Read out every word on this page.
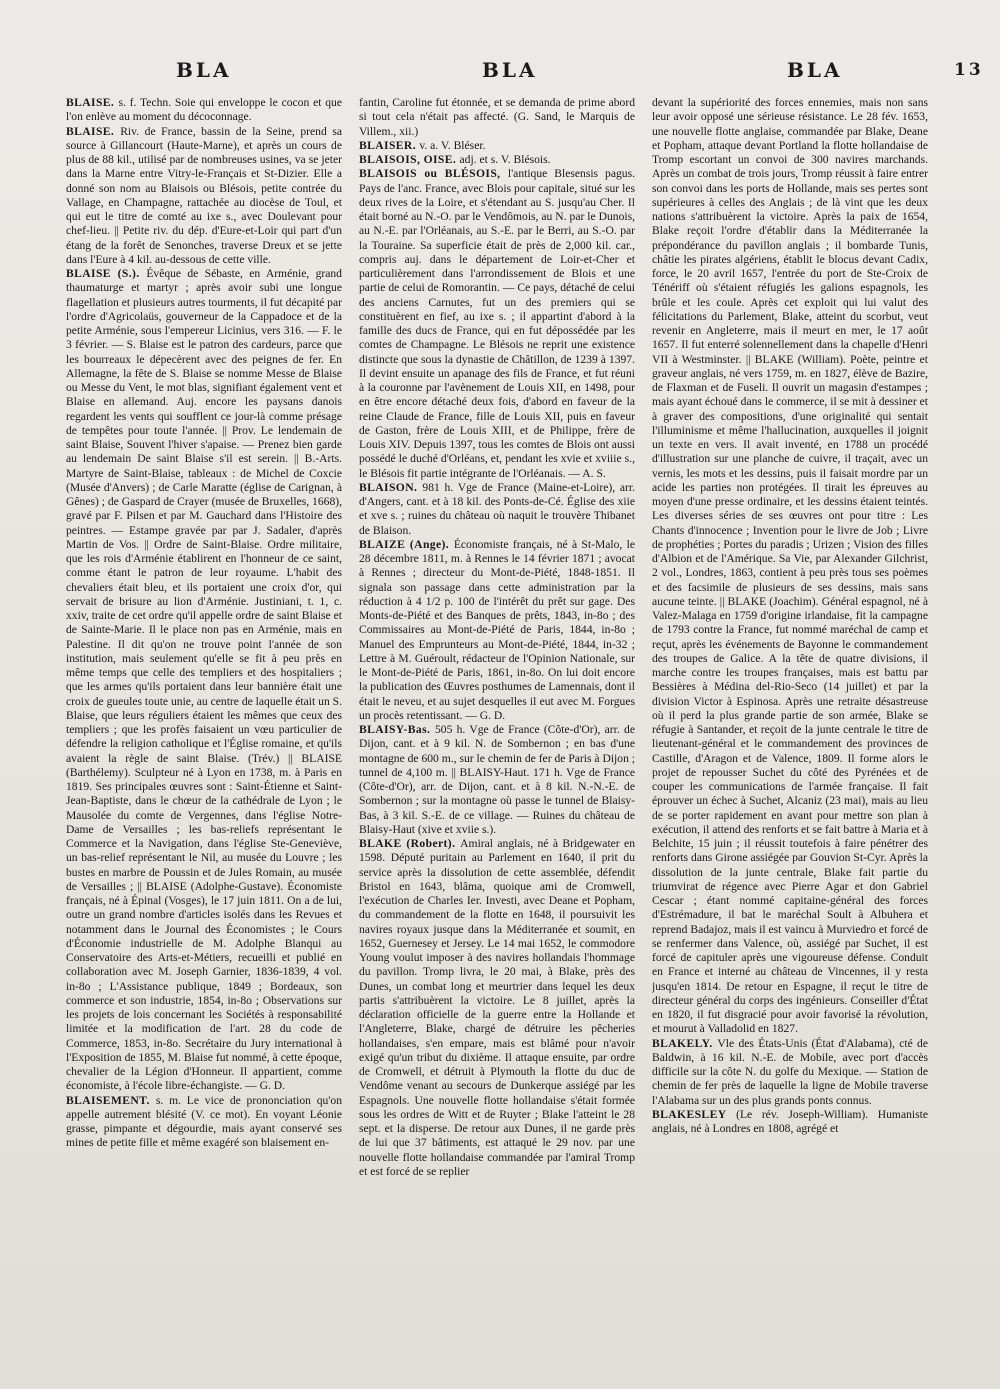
BLA	BLA	BLA	13

BLAISE. s. f. Techn. Soie qui enveloppe le cocon et que l'on enlève au moment du décoconnage.

BLAISE. Riv. de France, bassin de la Seine, prend sa source à Gillancourt (Haute-Marne), et après un cours de plus de 88 kil., utilisé par de nombreuses usines, va se jeter dans la Marne entre Vitry-le-Français et St-Dizier. Elle a donné son nom au Blaisois ou Blésois, petite contrée du Vallage, en Champagne, rattachée au diocèse de Toul, et qui eut le titre de comté au ixe s., avec Doulevant pour chef-lieu. || Petite riv. du dép. d'Eure-et-Loir qui part d'un étang de la forêt de Senonches, traverse Dreux et se jette dans l'Eure à 4 kil. au-dessous de cette ville.

BLAISE (S.). Évêque de Sébaste, en Arménie, grand thaumaturge et martyr ; après avoir subi une longue flagellation et plusieurs autres tourments, il fut décapité par l'ordre d'Agricolaüs, gouverneur de la Cappadoce et de la petite Arménie, sous l'empereur Licinius, vers 316. — F. le 3 février. — S. Blaise est le patron des cardeurs, parce que les bourreaux le dépecèrent avec des peignes de fer. En Allemagne, la fête de S. Blaise se nomme Messe de Blaise ou Messe du Vent, le mot blas, signifiant également vent et Blaise en allemand. Auj. encore les paysans danois regardent les vents qui soufflent ce jour-là comme présage de tempêtes pour toute l'année. || Prov. Le lendemain de saint Blaise, Souvent l'hiver s'apaise. — Prenez bien garde au lendemain De saint Blaise s'il est serein. || B.-Arts. Martyre de Saint-Blaise, tableaux : de Michel de Coxcie (Musée d'Anvers) ; de Carle Maratte (église de Carignan, à Gênes) ; de Gaspard de Crayer (musée de Bruxelles, 1668), gravé par F. Pilsen et par M. Gauchard dans l'Histoire des peintres. — Estampe gravée par par J. Sadaler, d'après Martin de Vos. || Ordre de Saint-Blaise. Ordre militaire, que les rois d'Arménie établirent en l'honneur de ce saint, comme étant le patron de leur royaume. L'habit des chevaliers était bleu, et ils portaient une croix d'or, qui servait de brisure au lion d'Arménie. Justiniani, t. 1, c. xxiv, traite de cet ordre qu'il appelle ordre de saint Blaise et de Sainte-Marie. Il le place non pas en Arménie, mais en Palestine. Il dit qu'on ne trouve point l'année de son institution, mais seulement qu'elle se fit à peu près en même temps que celle des templiers et des hospitaliers ; que les armes qu'ils portaient dans leur bannière était une croix de gueules toute unie, au centre de laquelle était un S. Blaise, que leurs réguliers étaient les mêmes que ceux des templiers ; que les profès faisaient un vœu particulier de défendre la religion catholique et l'Église romaine, et qu'ils avaient la règle de saint Blaise. (Trév.) || BLAISE (Barthélemy). Sculpteur né à Lyon en 1738, m. à Paris en 1819. Ses principales œuvres sont : Saint-Étienne et Saint-Jean-Baptiste, dans le chœur de la cathédrale de Lyon ; le Mausolée du comte de Vergennes, dans l'église Notre-Dame de Versailles ; les bas-reliefs représentant le Commerce et la Navigation, dans l'église Ste-Geneviève, un bas-relief représentant le Nil, au musée du Louvre ; les bustes en marbre de Poussin et de Jules Romain, au musée de Versailles ; || BLAISE (Adolphe-Gustave). Économiste français, né à Épinal (Vosges), le 17 juin 1811. On a de lui, outre un grand nombre d'articles isolés dans les Revues et notamment dans le Journal des Économistes ; le Cours d'Économie industrielle de M. Adolphe Blanqui au Conservatoire des Arts-et-Métiers, recueilli et publié en collaboration avec M. Joseph Garnier, 1836-1839, 4 vol. in-8o ; L'Assistance publique, 1849 ; Bordeaux, son commerce et son industrie, 1854, in-8o ; Observations sur les projets de lois concernant les Sociétés à responsabilité limitée et la modification de l'art. 28 du code de Commerce, 1853, in-8o. Secrétaire du Jury international à l'Exposition de 1855, M. Blaise fut nommé, à cette époque, chevalier de la Légion d'Honneur. Il appartient, comme économiste, à l'école libre-échangiste. — G. D.

BLAISEMENT. s. m. Le vice de prononciation qu'on appelle autrement blésité (V. ce mot). En voyant Léonie grasse, pimpante et dégourdie, mais ayant conservé ses mines de petite fille et même exagéré son blaisement en-

fantin, Caroline fut étonnée, et se demanda de prime abord si tout cela n'était pas affecté. (G. Sand, le Marquis de Villem., xii.)

BLAISER. v. a. V. Bléser.

BLAISOIS, OISE. adj. et s. V. Blésois.

BLAISOIS ou BLÉSOIS, l'antique Blesensis pagus. Pays de l'anc. France, avec Blois pour capitale, situé sur les deux rives de la Loire, et s'étendant au S. jusqu'au Cher. Il était borné au N.-O. par le Vendômois, au N. par le Dunois, au N.-E. par l'Orléanais, au S.-E. par le Berri, au S.-O. par la Touraine. Sa superficie était de près de 2,000 kil. car., compris auj. dans le département de Loir-et-Cher et particulièrement dans l'arrondissement de Blois et une partie de celui de Romorantin. — Ce pays, détaché de celui des anciens Carnutes, fut un des premiers qui se constituèrent en fief, au ixe s. ; il appartint d'abord à la famille des ducs de France, qui en fut dépossédée par les comtes de Champagne. Le Blésois ne reprit une existence distincte que sous la dynastie de Châtillon, de 1239 à 1397. Il devint ensuite un apanage des fils de France, et fut réuni à la couronne par l'avènement de Louis XII, en 1498, pour en être encore détaché deux fois, d'abord en faveur de la reine Claude de France, fille de Louis XII, puis en faveur de Gaston, frère de Louis XIII, et de Philippe, frère de Louis XIV. Depuis 1397, tous les comtes de Blois ont aussi possédé le duché d'Orléans, et, pendant les xvie et xviiie s., le Blésois fit partie intégrante de l'Orléanais. — A. S.

BLAISON. 981 h. Vge de France (Maine-et-Loire), arr. d'Angers, cant. et à 18 kil. des Ponts-de-Cé. Église des xiie et xve s. ; ruines du château où naquit le trouvère Thibanet de Blaison.

BLAIZE (Ange). Économiste français, né à St-Malo, le 28 décembre 1811, m. à Rennes le 14 février 1871 ; avocat à Rennes ; directeur du Mont-de-Piété, 1848-1851. Il signala son passage dans cette administration par la réduction à 4 1/2 p. 100 de l'intérêt du prêt sur gage. Des Monts-de-Piété et des Banques de prêts, 1843, in-8o ; des Commissaires au Mont-de-Piété de Paris, 1844, in-8o ; Manuel des Emprunteurs au Mont-de-Piété, 1844, in-32 ; Lettre à M. Guéroult, rédacteur de l'Opinion Nationale, sur le Mont-de-Piété de Paris, 1861, in-8o. On lui doit encore la publication des Œuvres posthumes de Lamennais, dont il était le neveu, et au sujet desquelles il eut avec M. Forgues un procès retentissant. — G. D.

BLAISY-Bas. 505 h. Vge de France (Côte-d'Or), arr. de Dijon, cant. et à 9 kil. N. de Sombernon ; en bas d'une montagne de 600 m., sur le chemin de fer de Paris à Dijon ; tunnel de 4,100 m. || BLAISY-Haut. 171 h. Vge de France (Côte-d'Or), arr. de Dijon, cant. et à 8 kil. N.-N.-E. de Sombernon ; sur la montagne où passe le tunnel de Blaisy-Bas, à 3 kil. S.-E. de ce village. — Ruines du château de Blaisy-Haut (xive et xviie s.).

BLAKE (Robert). Amiral anglais, né à Bridgewater en 1598. Député puritain au Parlement en 1640, il prit du service après la dissolution de cette assemblée, défendit Bristol en 1643, blâma, quoique ami de Cromwell, l'exécution de Charles Ier. Investi, avec Deane et Popham, du commandement de la flotte en 1648, il poursuivit les navires royaux jusque dans la Méditerranée et soumit, en 1652, Guernesey et Jersey. Le 14 mai 1652, le commodore Young voulut imposer à des navires hollandais l'hommage du pavillon. Tromp livra, le 20 mai, à Blake, près des Dunes, un combat long et meurtrier dans lequel les deux partis s'attribuèrent la victoire. Le 8 juillet, après la déclaration officielle de la guerre entre la Hollande et l'Angleterre, Blake, chargé de détruire les pêcheries hollandaises, s'en empare, mais est blâmé pour n'avoir exigé qu'un tribut du dixième. Il attaque ensuite, par ordre de Cromwell, et détruit à Plymouth la flotte du duc de Vendôme venant au secours de Dunkerque assiégé par les Espagnols. Une nouvelle flotte hollandaise s'était formée sous les ordres de Witt et de Ruyter ; Blake l'atteint le 28 sept. et la disperse. De retour aux Dunes, il ne garde près de lui que 37 bâtiments, est attaqué le 29 nov. par une nouvelle flotte hollandaise commandée par l'amiral Tromp et est forcé de se replier

devant la supériorité des forces ennemies, mais non sans leur avoir opposé une sérieuse résistance. Le 28 fév. 1653, une nouvelle flotte anglaise, commandée par Blake, Deane et Popham, attaque devant Portland la flotte hollandaise de Tromp escortant un convoi de 300 navires marchands. Après un combat de trois jours, Tromp réussit à faire entrer son convoi dans les ports de Hollande, mais ses pertes sont supérieures à celles des Anglais ; de là vint que les deux nations s'attribuèrent la victoire. Après la paix de 1654, Blake reçoit l'ordre d'établir dans la Méditerranée la prépondérance du pavillon anglais ; il bombarde Tunis, châtie les pirates algériens, établit le blocus devant Cadix, force, le 20 avril 1657, l'entrée du port de Ste-Croix de Ténériff où s'étaient réfugiés les galions espagnols, les brûle et les coule. Après cet exploit qui lui valut des félicitations du Parlement, Blake, atteint du scorbut, veut revenir en Angleterre, mais il meurt en mer, le 17 août 1657. Il fut enterré solennellement dans la chapelle d'Henri VII à Westminster. || BLAKE (William). Poète, peintre et graveur anglais, né vers 1759, m. en 1827, élève de Bazire, de Flaxman et de Fuseli. Il ouvrit un magasin d'estampes ; mais ayant échoué dans le commerce, il se mit à dessiner et à graver des compositions, d'une originalité qui sentait l'illuminisme et même l'hallucination, auxquelles il joignit un texte en vers. Il avait inventé, en 1788 un procédé d'illustration sur une planche de cuivre, il traçait, avec un vernis, les mots et les dessins, puis il faisait mordre par un acide les parties non protégées. Il tirait les épreuves au moyen d'une presse ordinaire, et les dessins étaient teintés. Les diverses séries de ses œuvres ont pour titre : Les Chants d'innocence ; Invention pour le livre de Job ; Livre de prophéties ; Portes du paradis ; Urizen ; Vision des filles d'Albion et de l'Amérique. Sa Vie, par Alexander Gilchrist, 2 vol., Londres, 1863, contient à peu près tous ses poèmes et des facsimile de plusieurs de ses dessins, mais sans aucune teinte. || BLAKE (Joachim). Général espagnol, né à Valez-Malaga en 1759 d'origine irlandaise, fit la campagne de 1793 contre la France, fut nommé maréchal de camp et reçut, après les événements de Bayonne le commandement des troupes de Galice. A la tête de quatre divisions, il marche contre les troupes françaises, mais est battu par Bessières à Médina del-Rio-Seco (14 juillet) et par la division Victor à Espinosa. Après une retraite désastreuse où il perd la plus grande partie de son armée, Blake se réfugie à Santander, et reçoit de la junte centrale le titre de lieutenant-général et le commandement des provinces de Castille, d'Aragon et de Valence, 1809. Il forme alors le projet de repousser Suchet du côté des Pyrénées et de couper les communications de l'armée française. Il fait éprouver un échec à Suchet, Alcaniz (23 mai), mais au lieu de se porter rapidement en avant pour mettre son plan à exécution, il attend des renforts et se fait battre à Maria et à Belchite, 15 juin ; il réussit toutefois à faire pénétrer des renforts dans Girone assiégée par Gouvion St-Cyr. Après la dissolution de la junte centrale, Blake fait partie du triumvirat de régence avec Pierre Agar et don Gabriel Cescar ; étant nommé capitaine-général des forces d'Estrémadure, il bat le maréchal Soult à Albuhera et reprend Badajoz, mais il est vaincu à Murviedro et forcé de se renfermer dans Valence, où, assiégé par Suchet, il est forcé de capituler après une vigoureuse défense. Conduit en France et interné au château de Vincennes, il y resta jusqu'en 1814. De retour en Espagne, il reçut le titre de directeur général du corps des ingénieurs. Conseiller d'État en 1820, il fut disgracié pour avoir favorisé la révolution, et mourut à Valladolid en 1827.

BLAKELY. Vle des États-Unis (État d'Alabama), cté de Baldwin, à 16 kil. N.-E. de Mobile, avec port d'accès difficile sur la côte N. du golfe du Mexique. — Station de chemin de fer près de laquelle la ligne de Mobile traverse l'Alabama sur un des plus grands ponts connus.

BLAKESLEY (Le rév. Joseph-William). Humaniste anglais, né à Londres en 1808, agrégé et
